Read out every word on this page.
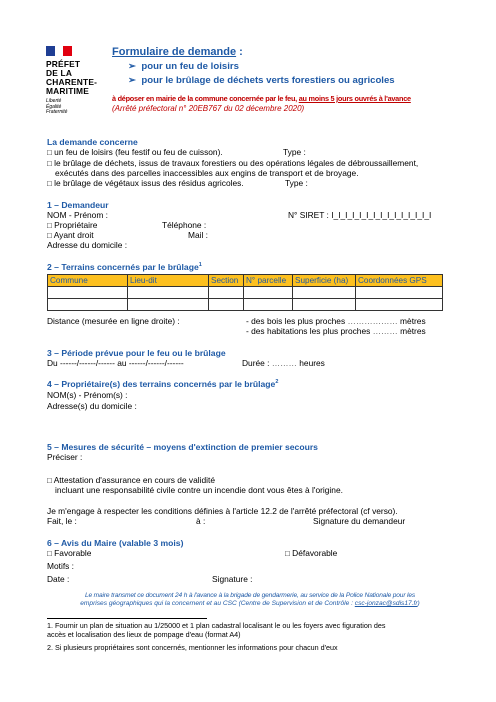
PRÉFET
DE LA
CHARENTE-
MARITIME
Liberté
Égalité
Fraternité
Formulaire de demande :
➢ pour un feu de loisirs
➢ pour le brûlage de déchets verts forestiers ou agricoles
à déposer en mairie de la commune concernée par le feu, au moins 5 jours ouvrés à l'avance
(Arrêté préfectoral n° 20EB767 du 02 décembre 2020)
La demande concerne
□ un feu de loisirs (feu festif ou feu de cuisson).	Type :
□ le brûlage de déchets, issus de travaux forestiers ou des opérations légales de débroussaillement,
exécutés dans des parcelles inaccessibles aux engins de transport et de broyage.
□ le brûlage de végétaux issus des résidus agricoles.	Type :
1 – Demandeur
NOM - Prénom :	N° SIRET : I_I_I_I_I_I_I_I_I_I_I_I_I_I_I
□ Propriétaire	Téléphone :
□ Ayant droit	Mail :
Adresse du domicile :
2 – Terrains concernés par le brûlage$^1$
Commune	Lieu-dit	Section	N° parcelle	Superficie (ha)	Coordonnées GPS

Distance (mesurée en ligne droite) :	- des bois les plus proches ……………… mètres
- des habitations les plus proches ……… mètres
3 – Période prévue pour le feu ou le brûlage
Du ------/------/------ au ------/------/------	Durée : ……… heures
4 – Propriétaire(s) des terrains concernés par le brûlage$^2$
NOM(s) - Prénom(s) :
Adresse(s) du domicile :
5 – Mesures de sécurité – moyens d'extinction de premier secours
Préciser :
□ Attestation d'assurance en cours de validité
incluant une responsabilité civile contre un incendie dont vous êtes à l'origine.
Je m'engage à respecter les conditions définies à l'article 12.2 de l'arrêté préfectoral (cf verso).
Fait, le :	à :	Signature du demandeur
6 – Avis du Maire (valable 3 mois)
□ Favorable	□ Défavorable
Motifs :
Date :	Signature :
Le maire transmet ce document 24 h à l'avance à la brigade de gendarmerie, au service de la Police Nationale pour les
emprises géographiques qui la concernent et au CSC (Centre de Supervision et de Contrôle : csc-jonzac@sdis17.fr)
1. Fournir un plan de situation au 1/25000 et 1 plan cadastral localisant le ou les foyers avec figuration des
accès et localisation des lieux de pompage d'eau (format A4)
2. Si plusieurs propriétaires sont concernés, mentionner les informations pour chacun d'eux
